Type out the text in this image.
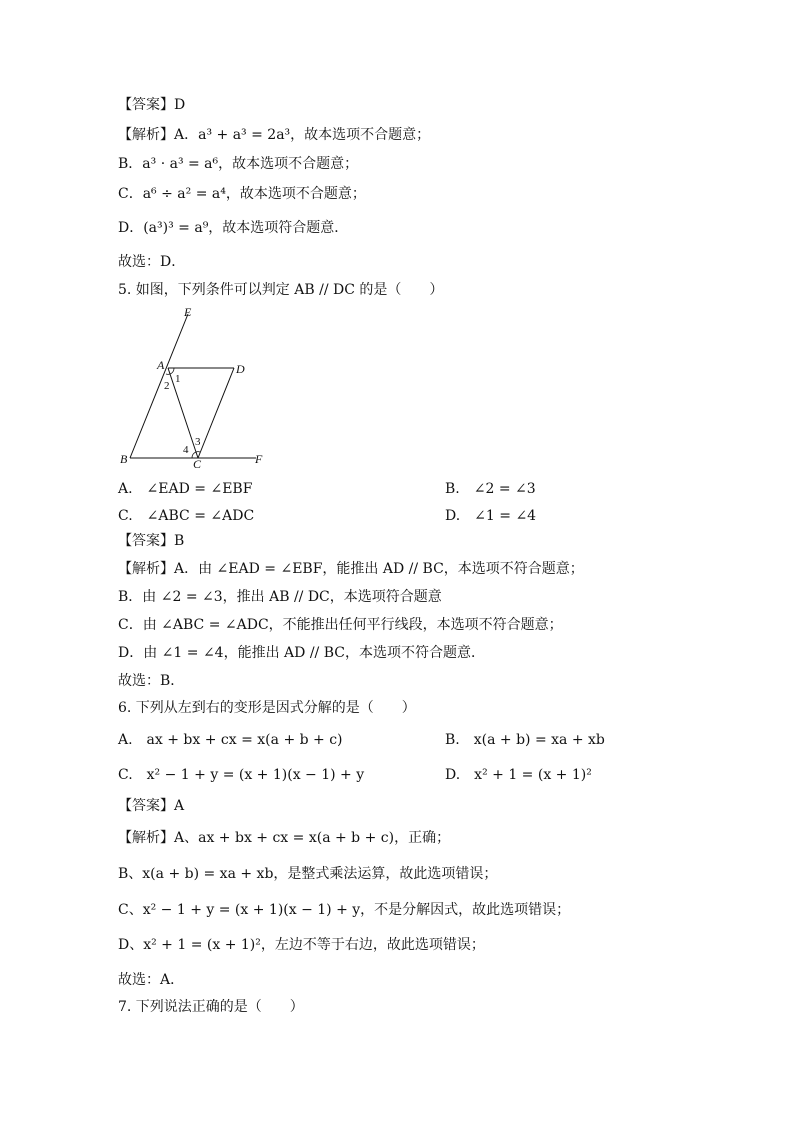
【答案】D
【解析】A．a³ + a³ = 2a³，故本选项不合题意；
B．a³ · a³ = a⁶，故本选项不合题意；
C．a⁶ ÷ a² = a⁴，故本选项不合题意；
D．(a³)³ = a⁹，故本选项符合题意．
故选：D．
5. 如图，下列条件可以判定 AB // DC 的是（　　）
E
A	D
B	C	F
1
2
3
4
A.　∠EAD = ∠EBF	B.　∠2 = ∠3
C.　∠ABC = ∠ADC	D.　∠1 = ∠4
【答案】B
【解析】A．由 ∠EAD = ∠EBF，能推出 AD // BC，本选项不符合题意；
B．由 ∠2 = ∠3，推出 AB // DC，本选项符合题意
C．由 ∠ABC = ∠ADC，不能推出任何平行线段，本选项不符合题意；
D．由 ∠1 = ∠4，能推出 AD // BC，本选项不符合题意．
故选：B．
6. 下列从左到右的变形是因式分解的是（　　）
A.　ax + bx + cx = x(a + b + c)	B.　x(a + b) = xa + xb
C.　x² − 1 + y = (x + 1)(x − 1) + y	D.　x² + 1 = (x + 1)²
【答案】A
【解析】A、ax + bx + cx = x(a + b + c)，正确；
B、x(a + b) = xa + xb，是整式乘法运算，故此选项错误；
C、x² − 1 + y = (x + 1)(x − 1) + y，不是分解因式，故此选项错误；
D、x² + 1 = (x + 1)²，左边不等于右边，故此选项错误；
故选：A．
7. 下列说法正确的是（　　）
